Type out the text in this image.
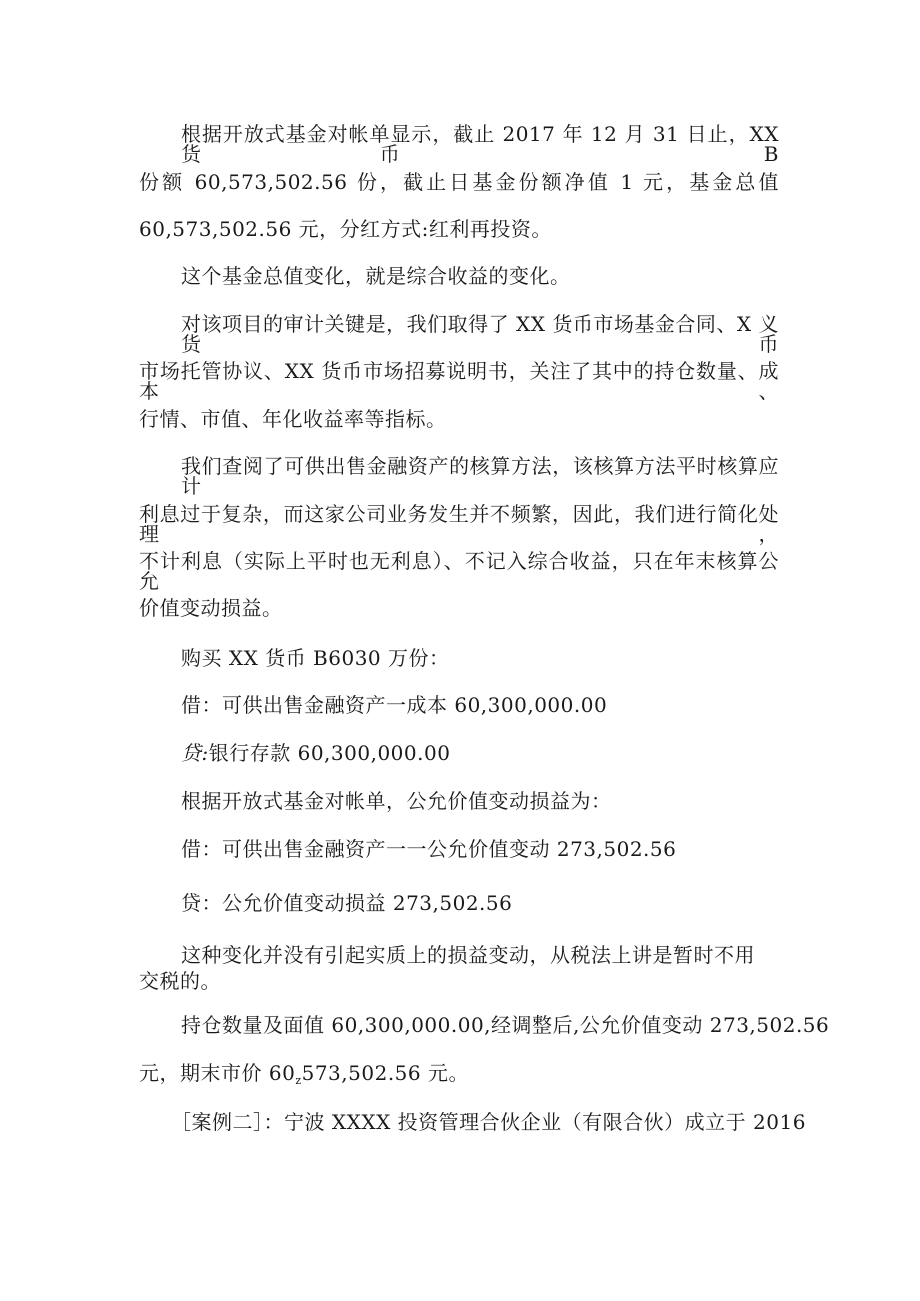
根据开放式基金对帐单显示，截止 2017 年 12 月 31 日止，XX 货币 B
份额 60,573,502.56 份，截止日基金份额净值 1 元，基金总值
60,573,502.56 元，分红方式:红利再投资。
这个基金总值变化，就是综合收益的变化。
对该项目的审计关键是，我们取得了 XX 货币市场基金合同、X 义货币
市场托管协议、XX 货币市场招募说明书，关注了其中的持仓数量、成本、
行情、市值、年化收益率等指标。
我们查阅了可供出售金融资产的核算方法，该核算方法平时核算应计
利息过于复杂，而这家公司业务发生并不频繁，因此，我们进行简化处理，
不计利息（实际上平时也无利息）、不记入综合收益，只在年末核算公允
价值变动损益。
购买 XX 货币 B6030 万份：
借：可供出售金融资产一成本 60,300,000.00
贷:银行存款 60,300,000.00
根据开放式基金对帐单，公允价值变动损益为：
借：可供出售金融资产一一公允价值变动 273,502.56
贷：公允价值变动损益 273,502.56
这种变化并没有引起实质上的损益变动，从税法上讲是暂时不用
交税的。
持仓数量及面值 60,300,000.00,经调整后,公允价值变动 273,502.56
元，期末市价 $60_z573,502.56$ 元。
［案例二］：宁波 XXXX 投资管理合伙企业（有限合伙）成立于 2016
